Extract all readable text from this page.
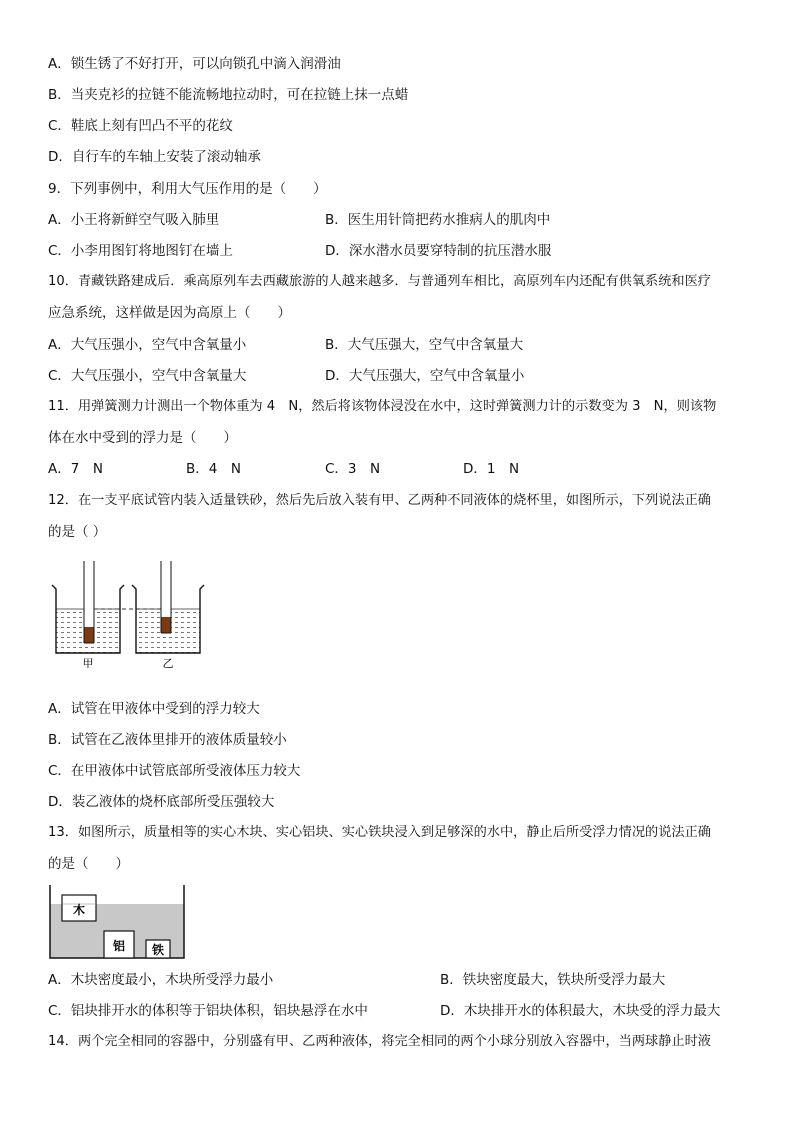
A．锁生锈了不好打开，可以向锁孔中滴入润滑油
B．当夹克衫的拉链不能流畅地拉动时，可在拉链上抹一点蜡
C．鞋底上刻有凹凸不平的花纹
D．自行车的车轴上安装了滚动轴承
9．下列事例中，利用大气压作用的是（　　）
A．小王将新鲜空气吸入肺里	B．医生用针筒把药水推病人的肌肉中
C．小李用图钉将地图钉在墙上	D．深水潜水员要穿特制的抗压潜水服
10．青藏铁路建成后．乘高原列车去西藏旅游的人越来越多．与普通列车相比，高原列车内还配有供氧系统和医疗
应急系统，这样做是因为高原上（　　）
A．大气压强小，空气中含氧量小	B．大气压强大，空气中含氧量大
C．大气压强小，空气中含氧量大	D．大气压强大，空气中含氧量小
11．用弹簧测力计测出一个物体重为 4　N，然后将该物体浸没在水中，这时弹簧测力计的示数变为 3　N，则该物
体在水中受到的浮力是（　　）
A．7　N	B．4　N	C．3　N	D．1　N
12．在一支平底试管内装入适量铁砂，然后先后放入装有甲、乙两种不同液体的烧杯里，如图所示，下列说法正确
的是（ ）
甲	乙
A．试管在甲液体中受到的浮力较大
B．试管在乙液体里排开的液体质量较小
C．在甲液体中试管底部所受液体压力较大
D．装乙液体的烧杯底部所受压强较大
13．如图所示，质量相等的实心木块、实心铝块、实心铁块浸入到足够深的水中，静止后所受浮力情况的说法正确
的是（　　）
木
铝 铁
A．木块密度最小，木块所受浮力最小	B．铁块密度最大，铁块所受浮力最大
C．铝块排开水的体积等于铝块体积，铝块悬浮在水中	D．木块排开水的体积最大，木块受的浮力最大
14．两个完全相同的容器中，分别盛有甲、乙两种液体，将完全相同的两个小球分别放入容器中，当两球静止时液
